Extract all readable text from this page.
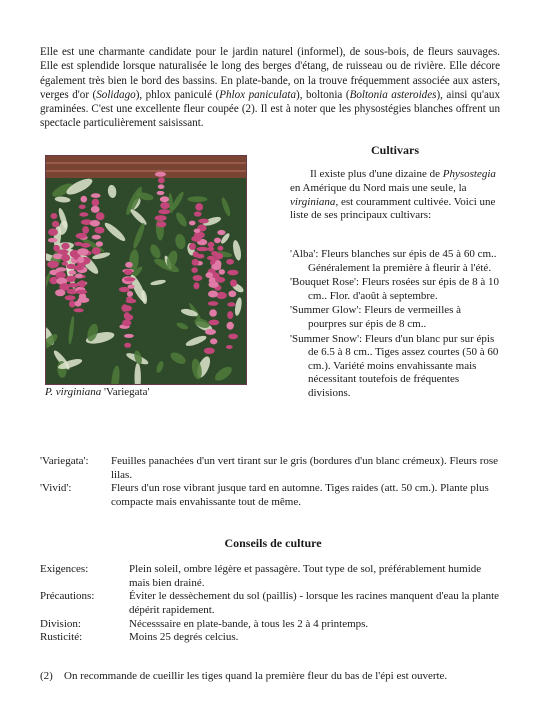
Elle est une charmante candidate pour le jardin naturel (informel), de sous-bois, de fleurs sauvages. Elle est splendide lorsque naturalisée le long des berges d'étang, de ruisseau ou de rivière. Elle décore également très bien le bord des bassins. En plate-bande, on la trouve fréquemment associée aux asters, verges d'or (Solidago), phlox paniculé (Phlox paniculata), boltonia (Boltonia asteroides), ainsi qu'aux graminées. C'est une excellente fleur coupée (2). Il est à noter que les physostégies blanches offrent un spectacle particulièrement saisissant.

P. virginiana 'Variegata'
Cultivars

Il existe plus d'une dizaine de Physostegia en Amérique du Nord mais une seule, la virginiana, est couramment cultivée. Voici une liste de ses principaux cultivars:

'Alba': Fleurs blanches sur épis de 45 à 60 cm.. Généralement la première à fleurir à l'été.

'Bouquet Rose': Fleurs rosées sur épis de 8 à 10 cm.. Flor. d'août à septembre.

'Summer Glow': Fleurs de vermeilles à pourpres sur épis de 8 cm..

'Summer Snow': Fleurs d'un blanc pur sur épis de 6.5 à 8 cm.. Tiges assez courtes (50 à 60 cm.). Variété moins envahissante mais nécessitant toutefois de fréquentes divisions.

'Variegata':	Feuilles panachées d'un vert tirant sur le gris (bordures d'un blanc crémeux). Fleurs rose lilas.
'Vivid':	Fleurs d'un rose vibrant jusque tard en automne. Tiges raides (att. 50 cm.). Plante plus compacte mais envahissante tout de même.
Conseils de culture
Exigences:	Plein soleil, ombre légère et passagère. Tout type de sol, préférablement humide mais bien drainé.
Précautions:	Éviter le dessèchement du sol (paillis) - lorsque les racines manquent d'eau la plante dépérit rapidement.
Division:	Nécesssaire en plate-bande, à tous les 2 à 4 printemps.
Rusticité:	Moins 25 degrés celcius.
(2) On recommande de cueillir les tiges quand la première fleur du bas de l'épi est ouverte.
